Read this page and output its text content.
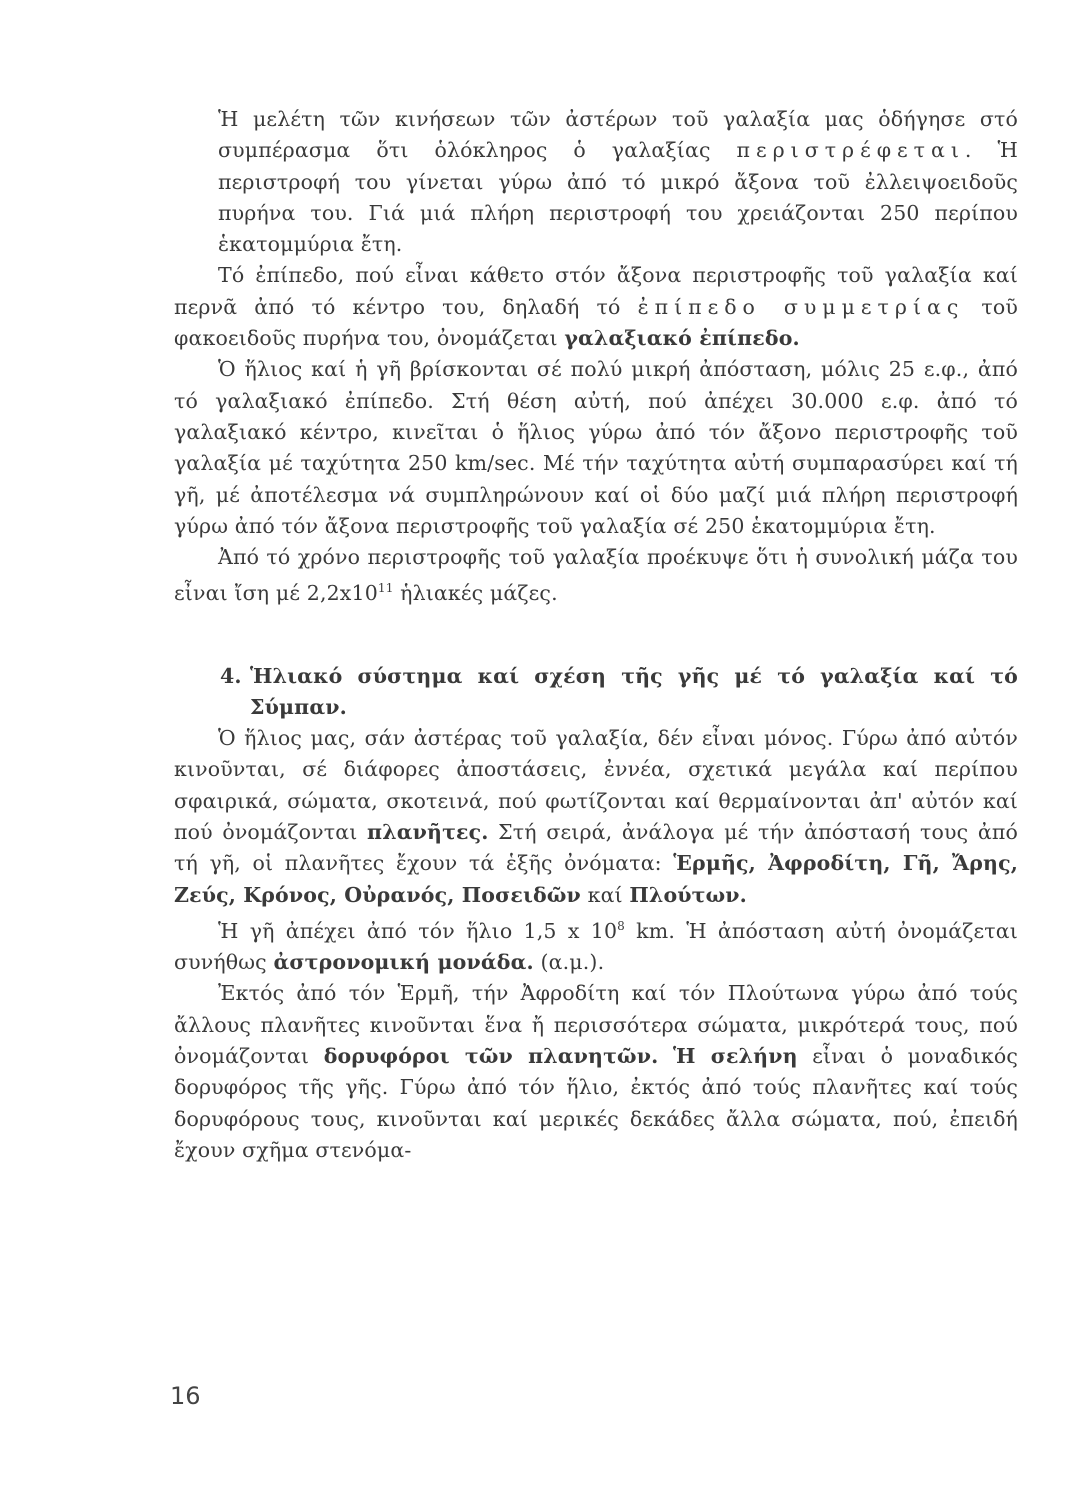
Ἡ μελέτη τῶν κινήσεων τῶν ἀστέρων τοῦ γαλαξία μας ὁδήγησε στό συμπέρασμα ὅτι ὁλόκληρος ὁ γαλαξίας περιστρέφεται. Ἡ περιστροφή του γίνεται γύρω ἀπό τό μικρό ἄξονα τοῦ ἐλλειψοειδοῦς πυρήνα του. Γιά μιά πλήρη περιστροφή του χρειάζονται 250 περίπου ἑκατομμύρια ἔτη.

Τό ἐπίπεδο, πού εἶναι κάθετο στόν ἄξονα περιστροφῆς τοῦ γαλαξία καί περνᾶ ἀπό τό κέντρο του, δηλαδή τό ἐπίπεδο συμμετρίας τοῦ φακοειδοῦς πυρήνα του, ὀνομάζεται γαλαξιακό ἐπίπεδο.

Ὁ ἥλιος καί ἡ γῆ βρίσκονται σέ πολύ μικρή ἀπόσταση, μόλις 25 ε.φ., ἀπό τό γαλαξιακό ἐπίπεδο. Στή θέση αὐτή, πού ἀπέχει 30.000 ε.φ. ἀπό τό γαλαξιακό κέντρο, κινεῖται ὁ ἥλιος γύρω ἀπό τόν ἄξονο περιστροφῆς τοῦ γαλαξία μέ ταχύτητα 250 km/sec. Μέ τήν ταχύτητα αὐτή συμπαρασύρει καί τή γῆ, μέ ἀποτέλεσμα νά συμπληρώνουν καί οἱ δύο μαζί μιά πλήρη περιστροφή γύρω ἀπό τόν ἄξονα περιστροφῆς τοῦ γαλαξία σέ 250 ἑκατομμύρια ἔτη.

Ἀπό τό χρόνο περιστροφῆς τοῦ γαλαξία προέκυψε ὅτι ἡ συνολική μάζα του εἶναι ἴση μέ $2,2x10^{11}$ ἡλιακές μάζες.

4. Ἡλιακό σύστημα καί σχέση τῆς γῆς μέ τό γαλαξία καί τό Σύμπαν.

Ὁ ἥλιος μας, σάν ἀστέρας τοῦ γαλαξία, δέν εἶναι μόνος. Γύρω ἀπό αὐτόν κινοῦνται, σέ διάφορες ἀποστάσεις, ἐννέα, σχετικά μεγάλα καί περίπου σφαιρικά, σώματα, σκοτεινά, πού φωτίζονται καί θερμαίνονται ἀπ' αὐτόν καί πού ὀνομάζονται πλανῆτες. Στή σειρά, ἀνάλογα μέ τήν ἀπόστασή τους ἀπό τή γῆ, οἱ πλανῆτες ἔχουν τά ἑξῆς ὀνόματα: Ἑρμῆς, Ἀφροδίτη, Γῆ, Ἄρης, Ζεύς, Κρόνος, Οὐρανός, Ποσειδῶν καί Πλούτων.

Ἡ γῆ ἀπέχει ἀπό τόν ἥλιο 1,5 x $10^8$ km. Ἡ ἀπόσταση αὐτή ὀνομάζεται συνήθως ἀστρονομική μονάδα. (α.μ.).

Ἐκτός ἀπό τόν Ἑρμῆ, τήν Ἀφροδίτη καί τόν Πλούτωνα γύρω ἀπό τούς ἄλλους πλανῆτες κινοῦνται ἕνα ἤ περισσότερα σώματα, μικρότερά τους, πού ὀνομάζονται δορυφόροι τῶν πλανητῶν. Ἡ σελήνη εἶναι ὁ μοναδικός δορυφόρος τῆς γῆς. Γύρω ἀπό τόν ἥλιο, ἐκτός ἀπό τούς πλανῆτες καί τούς δορυφόρους τους, κινοῦνται καί μερικές δεκάδες ἄλλα σώματα, πού, ἐπειδή ἔχουν σχῆμα στενόμα-

16
